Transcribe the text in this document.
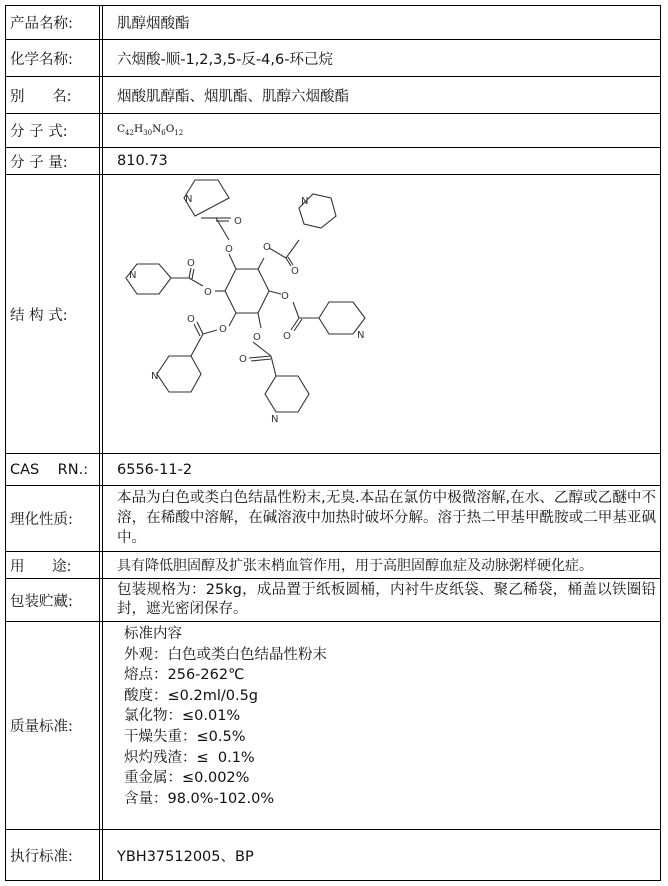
产品名称:	肌醇烟酸酯
化学名称:	六烟酸-顺-1,2,3,5-反-4,6-环己烷
别      名:	烟酸肌醇酯、烟肌酯、肌醇六烟酸酯
分 子 式:	$C_{42}H_{30}N_6O_{12}$
分 子 量:	810.73
结 构 式:
O
O
O
O
O
O
O
O
O
O
O
O
N	N
N
N
N
N
CAS    RN.:	6556-11-2
理化性质:
本品为白色或类白色结晶性粉末,无臭.本品在氯仿中极微溶解,在水、乙醇或乙醚中不溶，在稀酸中溶解，在碱溶液中加热时破坏分解。溶于热二甲基甲酰胺或二甲基亚砜中。
用      途:	具有降低胆固醇及扩张末梢血管作用，用于高胆固醇血症及动脉粥样硬化症。
包装贮藏:
包装规格为：25kg，成品置于纸板圆桶，内衬牛皮纸袋、聚乙稀袋，桶盖以铁圈铅封，遮光密闭保存。
质量标准:
标准内容
外观：白色或类白色结晶性粉末
熔点：256-262℃
酸度：≤0.2ml/0.5g
氯化物：≤0.01%
干燥失重：≤0.5%
炽灼残渣：≤  0.1%
重金属：≤0.002%
含量：98.0%-102.0%
执行标准:	YBH37512005、BP
